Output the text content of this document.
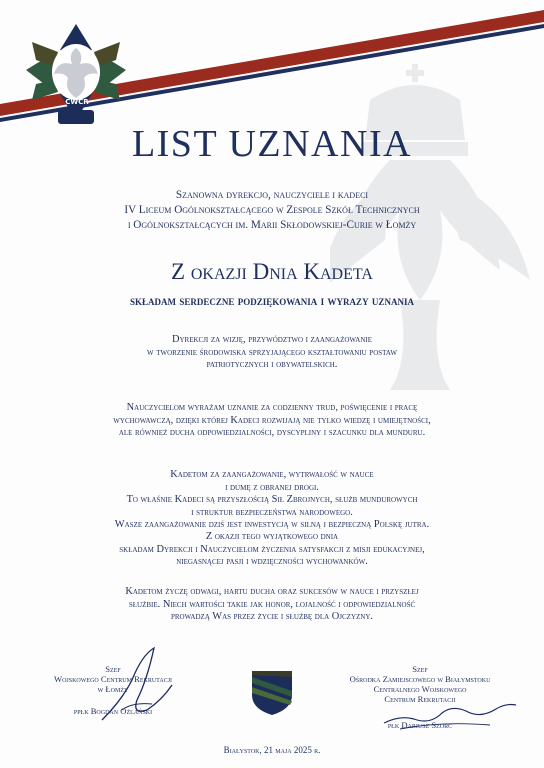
CWCR
LIST UZNANIA
Szanowna dyrekcjo, nauczyciele i kadeci
IV Liceum Ogólnokształcącego w Zespole Szkół Technicznych
i Ogólnokształcących im. Marii Skłodowskiej-Curie w Łomży
Z okazji Dnia Kadeta
składam serdeczne podziękowania i wyrazy uznania
Dyrekcji za wizję, przywództwo i zaangażowanie
w tworzenie środowiska sprzyjającego kształtowaniu postaw
patriotycznych i obywatelskich.
Nauczycielom wyrażam uznanie za codzienny trud, poświęcenie i pracę
wychowawczą, dzięki której Kadeci rozwijają nie tylko wiedzę i umiejętności,
ale również ducha odpowiedzialności, dyscypliny i szacunku dla munduru.
Kadetom za zaangażowanie, wytrwałość w nauce
i dumę z obranej drogi.
To właśnie Kadeci są przyszłością Sił Zbrojnych, służb mundurowych
i struktur bezpieczeństwa narodowego.
Wasze zaangażowanie dziś jest inwestycją w silną i bezpieczną Polskę jutra.
Z okazji tego wyjątkowego dnia
składam Dyrekcji i Nauczycielom życzenia satysfakcji z misji edukacyjnej,
niegasnącej pasji i wdzięczności wychowanków.
Kadetom życzę odwagi, hartu ducha oraz sukcesów w nauce i przyszłej
służbie. Niech wartości takie jak honor, lojalność i odpowiedzialność
prowadzą Was przez życie i służbę dla Ojczyzny.
Szef
Wojskowego Centrum Rekrutacji
w Łomży
ppłk Bogdan Ożlański
Szef
Ośrodka Zamiejscowego w Białymstoku
Centralnego Wojskowego
Centrum Rekrutacji
płk Dariusz Szorc
Białystok, 21 maja 2025 r.
